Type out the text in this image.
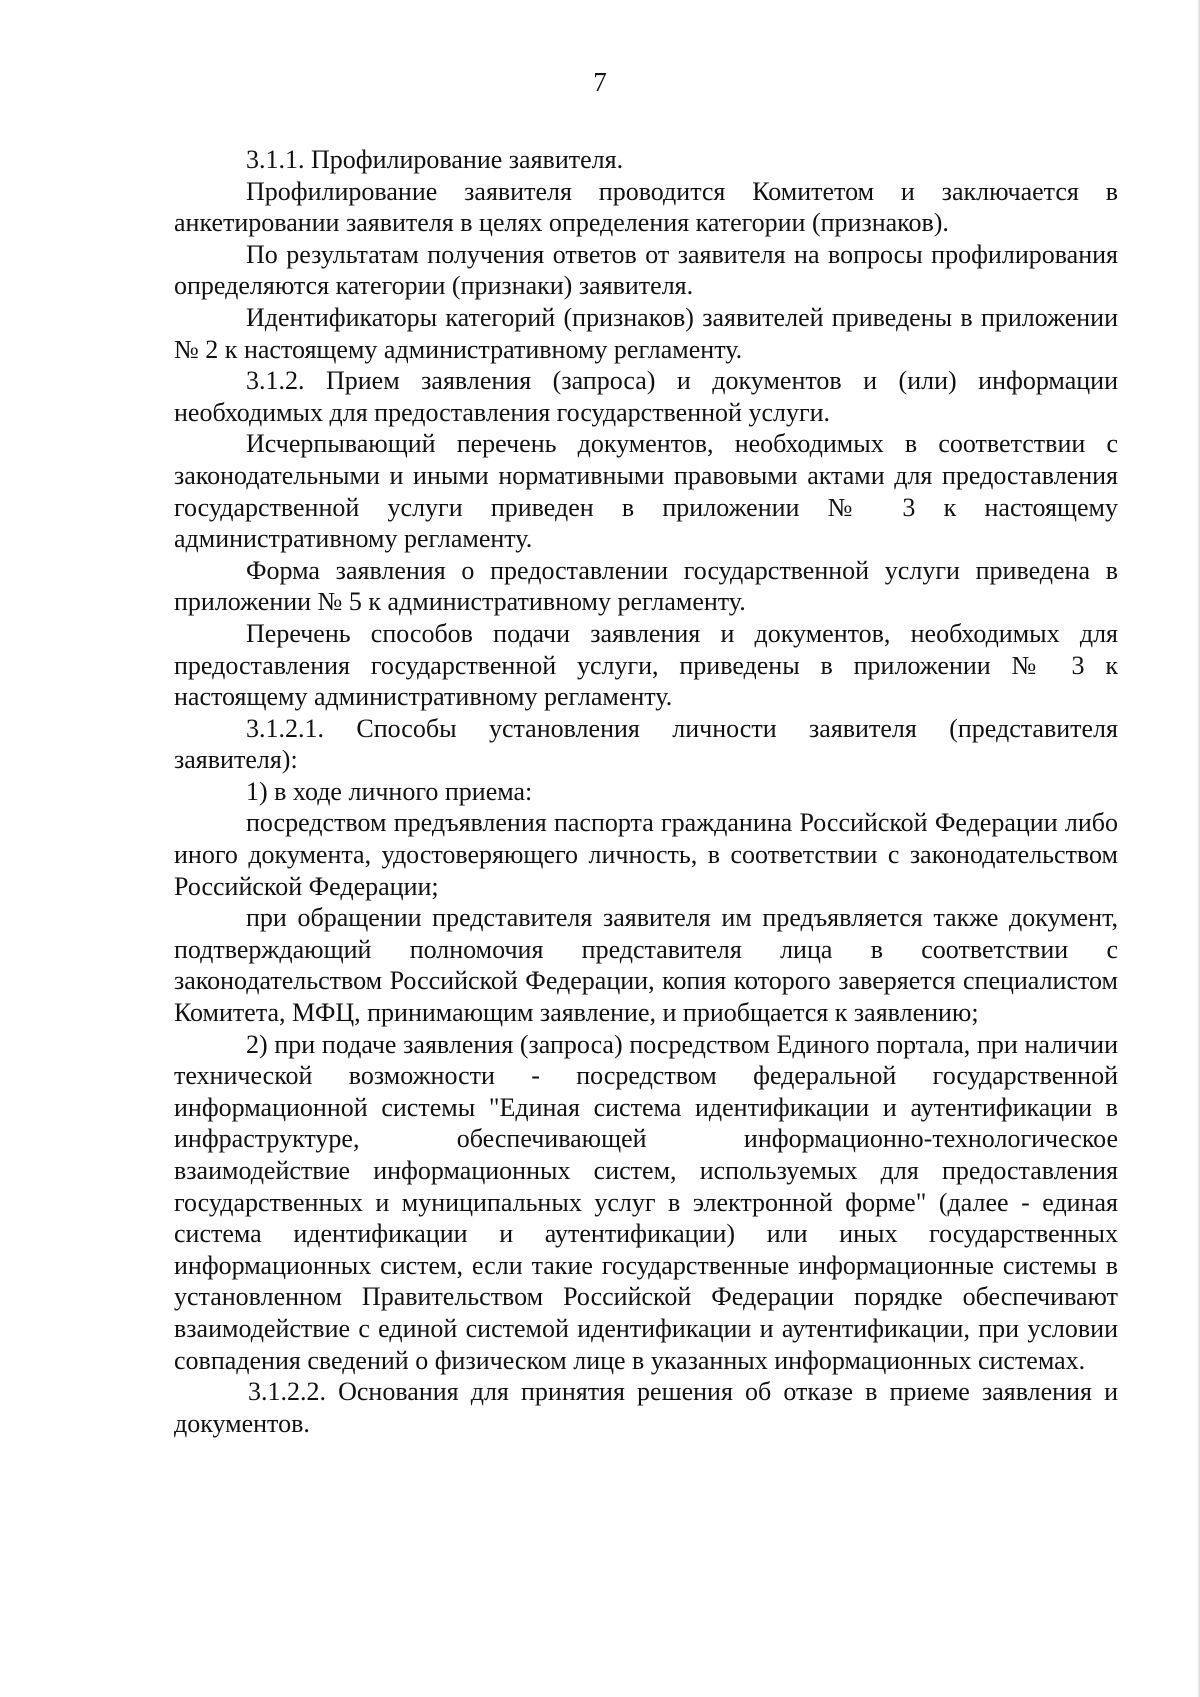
7

3.1.1. Профилирование заявителя.

Профилирование заявителя проводится Комитетом и заключается в анкетировании заявителя в целях определения категории (признаков).

По результатам получения ответов от заявителя на вопросы профилирования определяются категории (признаки) заявителя.

Идентификаторы категорий (признаков) заявителей приведены в приложении № 2 к настоящему административному регламенту.

3.1.2. Прием заявления (запроса) и документов и (или) информации необходимых для предоставления государственной услуги.

Исчерпывающий перечень документов, необходимых в соответствии с законодательными и иными нормативными правовыми актами для предоставления государственной услуги приведен в приложении № 3 к настоящему административному регламенту.

Форма заявления о предоставлении государственной услуги приведена в приложении № 5 к административному регламенту.

Перечень способов подачи заявления и документов, необходимых для предоставления государственной услуги, приведены в приложении № 3 к настоящему административному регламенту.

3.1.2.1. Способы установления личности заявителя (представителя заявителя):

1) в ходе личного приема:

посредством предъявления паспорта гражданина Российской Федерации либо иного документа, удостоверяющего личность, в соответствии с законодательством Российской Федерации;

при обращении представителя заявителя им предъявляется также документ, подтверждающий полномочия представителя лица в соответствии с законодательством Российской Федерации, копия которого заверяется специалистом Комитета, МФЦ, принимающим заявление, и приобщается к заявлению;

2) при подаче заявления (запроса) посредством Единого портала, при наличии технической возможности - посредством федеральной государственной информационной системы "Единая система идентификации и аутентификации в инфраструктуре, обеспечивающей информационно-технологическое взаимодействие информационных систем, используемых для предоставления государственных и муниципальных услуг в электронной форме" (далее - единая система идентификации и аутентификации) или иных государственных информационных систем, если такие государственные информационные системы в установленном Правительством Российской Федерации порядке обеспечивают взаимодействие с единой системой идентификации и аутентификации, при условии совпадения сведений о физическом лице в указанных информационных системах.

3.1.2.2. Основания для принятия решения об отказе в приеме заявления и документов.
